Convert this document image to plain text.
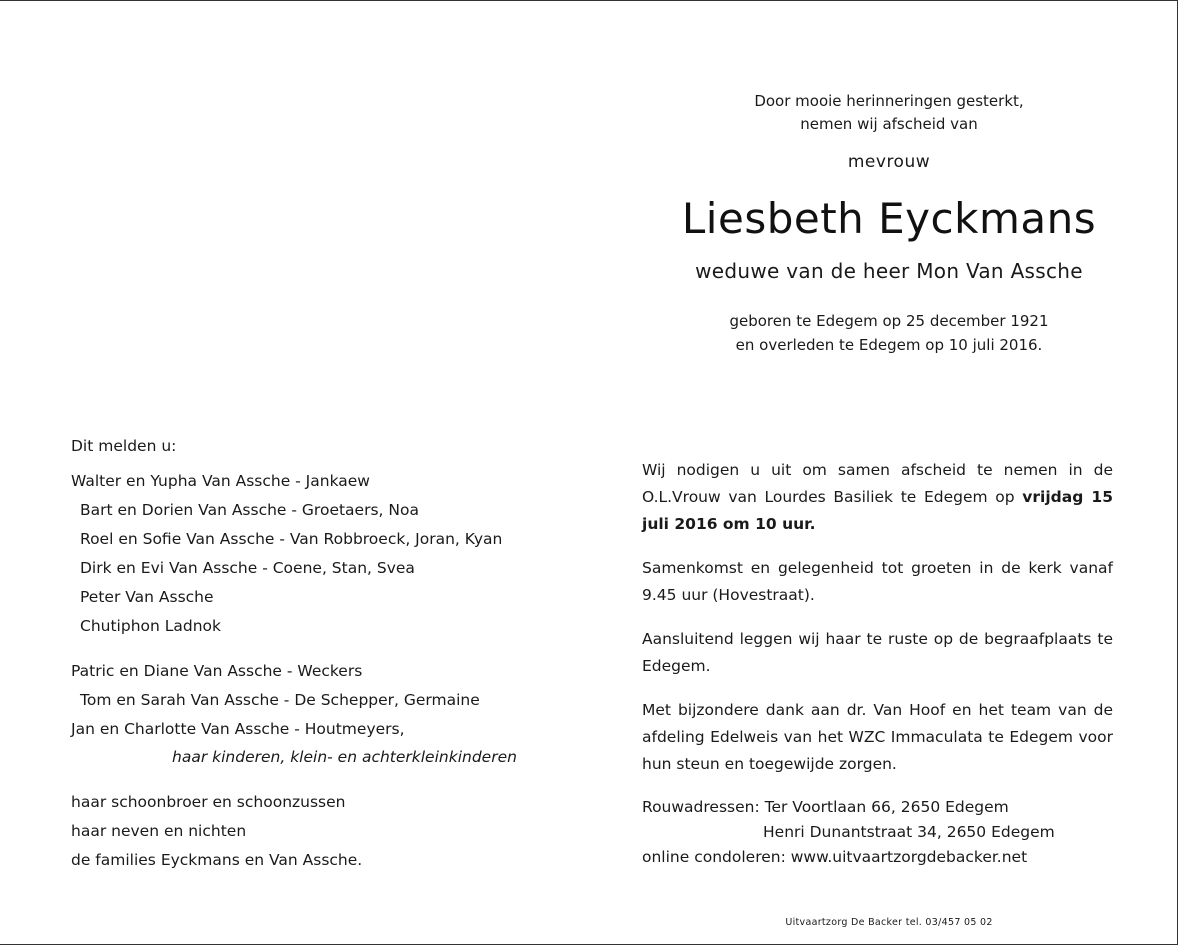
Door mooie herinneringen gesterkt,
nemen wij afscheid van
mevrouw
Liesbeth Eyckmans
weduwe van de heer Mon Van Assche
geboren te Edegem op 25 december 1921
en overleden te Edegem op 10 juli 2016.

Dit melden u:

Walter en Yupha Van Assche - Jankaew

Bart en Dorien Van Assche - Groetaers, Noa

Roel en Sofie Van Assche - Van Robbroeck, Joran, Kyan

Dirk en Evi Van Assche - Coene, Stan, Svea

Peter Van Assche

Chutiphon Ladnok

Patric en Diane Van Assche - Weckers

Tom en Sarah Van Assche - De Schepper, Germaine

Jan en Charlotte Van Assche - Houtmeyers,

haar kinderen, klein- en achterkleinkinderen

haar schoonbroer en schoonzussen

haar neven en nichten

de families Eyckmans en Van Assche.

Wij nodigen u uit om samen afscheid te nemen in de O.L.Vrouw van Lourdes Basiliek te Edegem op vrijdag 15 juli 2016 om 10 uur.

Samenkomst en gelegenheid tot groeten in de kerk vanaf 9.45 uur (Hovestraat).

Aansluitend leggen wij haar te ruste op de begraafplaats te Edegem.

Met bijzondere dank aan dr. Van Hoof en het team van de afdeling Edelweis van het WZC Immaculata te Edegem voor hun steun en toegewijde zorgen.

Rouwadressen: Ter Voortlaan 66, 2650 Edegem
Henri Dunantstraat 34, 2650 Edegem
online condoleren: www.uitvaartzorgdebacker.net
Uitvaartzorg De Backer tel. 03/457 05 02
